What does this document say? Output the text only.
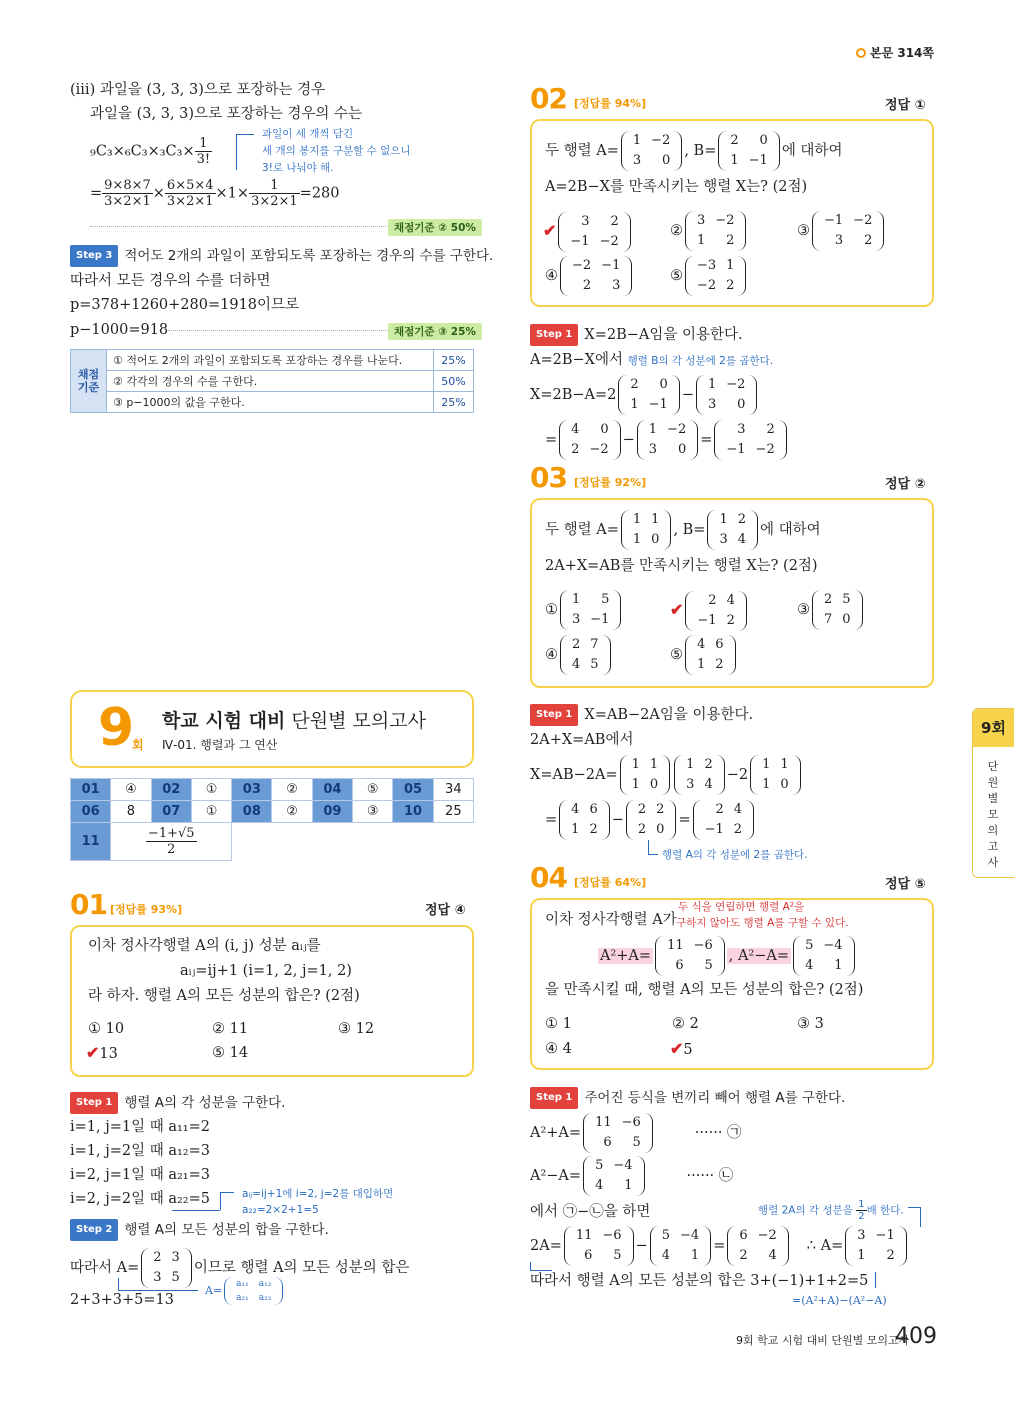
본문 314쪽
(iii) 과일을 (3, 3, 3)으로 포장하는 경우
과일을 (3, 3, 3)으로 포장하는 경우의 수는
$_9C_3\times_6C_3\times_3C_3\times \frac{1}{3!}$
과일이 세 개씩 담긴
세 개의 봉지를 구분할 수 없으니
3!로 나눠야 해.
= $\frac{9\times 8\times 7}{3\times 2\times 1} \times \frac{6\times 5\times 4}{3\times 2\times 1} \times 1\times \frac{1}{3\times 2\times 1} =280$
채점기준 ② 50%
Step 3 적어도 2개의 과일이 포함되도록 포장하는 경우의 수를 구한다.
따라서 모든 경우의 수를 더하면
p=378+1260+280=1918이므로
p−1000=918	채점기준 ③ 25%
채점 기준	① 적어도 2개의 과일이 포함되도록 포장하는 경우를 나눈다.	25%
	② 각각의 경우의 수를 구한다.	50%
	③ p−1000의 값을 구한다.	25%
9
회
학교 시험 대비 단원별 모의고사
Ⅳ-01. 행렬과 그 연산
01	④	02	①	03	②	04	⑤	05	34
06	8	07	①	08	②	09	③	10	25
11	$\frac{-1+√5}{2}$

01 [정답률 93%]	정답 ④
이차 정사각행렬 A의 (i, j) 성분 aᵢⱼ를
aᵢⱼ=ij+1 (i=1, 2, j=1, 2)
라 하자. 행렬 A의 모든 성분의 합은? (2점)
① 10	② 11	③ 12
✔13	⑤ 14
Step 1 행렬 A의 각 성분을 구한다.
i=1, j=1일 때 a₁₁=2
i=1, j=2일 때 a₁₂=3
i=2, j=1일 때 a₂₁=3
i=2, j=2일 때 a₂₂=5	aᵢⱼ=ij+1에 i=2, j=2를 대입하면
a₂₂=2×2+1=5
Step 2 행렬 A의 모든 성분의 합을 구한다.
따라서 A=
2	3
3	5
이므로 행렬 A의 모든 성분의 합은
A= a₁₁	a₁₂
a₂₁	a₂₂
2+3+3+5=13
02 [정답률 94%]	정답 ①
두 행렬 A=
1	−2
3	0
, B=
2	0
1	−1
에 대하여
A=2B−X를 만족시키는 행렬 X는? (2점)
✔ 3	2
−1	−2
②
3	−2
1	2
③
−1	−2
3	2
④
−2	−1
2	3
⑤
−3	1
−2	2
Step 1 X=2B−A임을 이용한다.
A=2B−X에서 행렬 B의 각 성분에 2를 곱한다.
X=2B−A=2
2	0
1	−1
−
1	−2
3	0
=
4	0
2	−2
−
1	−2
3	0
=
3	2
−1	−2
03 [정답률 92%]	정답 ②
두 행렬 A=
1	1
1	0
, B=
1	2
3	4
에 대하여
2A+X=AB를 만족시키는 행렬 X는? (2점)
①
1	5
3	−1
✔ 2	4
−1	2
③
2	5
7	0
④
2	7
4	5
⑤
4	6
1	2
Step 1 X=AB−2A임을 이용한다.
2A+X=AB에서
X=AB−2A=
1	1
1	0
1	2
3	4
−2
1	1
1	0
=
4	6
1	2
−
2	2
2	0
=
2	4
−1	2
행렬 A의 각 성분에 2를 곱한다.
04 [정답률 64%]	정답 ⑤
이차 정사각행렬 A가
두 식을 연립하면 행렬 A²을
구하지 않아도 행렬 A를 구할 수 있다.
A²+A=
11	−6
6	5
, A²−A=
5	−4
4	1
을 만족시킬 때, 행렬 A의 모든 성분의 합은? (2점)
① 1	② 2	③ 3
④ 4	✔5
Step 1 주어진 등식을 변끼리 빼어 행렬 A를 구한다.
A²+A=
11	−6
6	5
······ ㉠
A²−A=
5	−4
4	1
······ ㉡
에서 ㉠−㉡을 하면	행렬 2A의 각 성분을 $\frac{1}{2}$ 배 한다.
2A=
11	−6
6	5
−
5	−4
4	1
=
6	−2
2	4
∴ A=
3	−1
1	2
따라서 행렬 A의 모든 성분의 합은 3+(−1)+1+2=5
=(A²+A)−(A²−A)
9회
단원별 모의고사
9회 학교 시험 대비 단원별 모의고사
409
